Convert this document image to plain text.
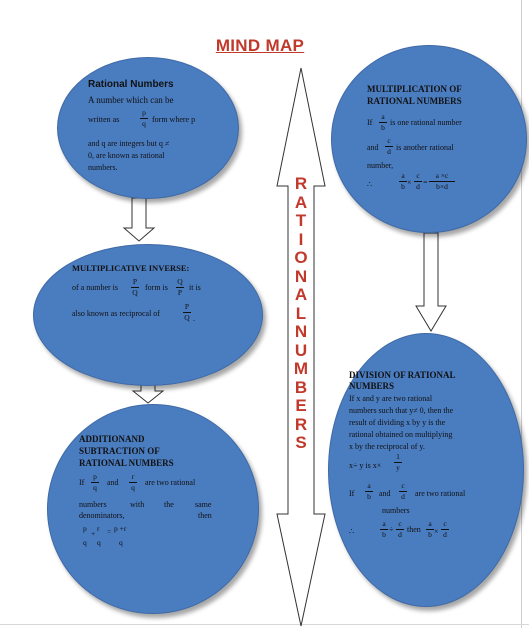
MIND MAP
R
A
T
I
O
N
A
L
N
U
M
B
E
R
S
Rational Numbers
A number which can be
written as
p
q form where p
and q are integers but q ≠
0, are known as rational
numbers.
MULTIPLICATIVE INVERSE:
of a number is
P
Q
form is
Q
P
it is
also known as reciprocal of
P
Q .
ADDITIONAND
SUBTRACTION OF
RATIONAL NUMBERS
If
p
q
and
r
q
are two rational
numbers	with the	same
denominators,	then
p
+
r = p +r
q q q
MULTIPLICATION OF
RATIONAL NUMBERS
If
a
b
is one rational number
and
c
d is another rational
number,
∴
a
b ×
c
d =
a ×c
b×d
DIVISION OF RATIONAL
NUMBERS
If x and y are two rational
numbers such that y≠ 0, then the
result of dividing x by y is the
rational obtained on multiplying
x by the reciprocal of y.
x÷ y is x×
1
y
If
a
b and
c
d are two rational
numbers
∴
a
b
÷
c
d
then
a
b ×
c
d
